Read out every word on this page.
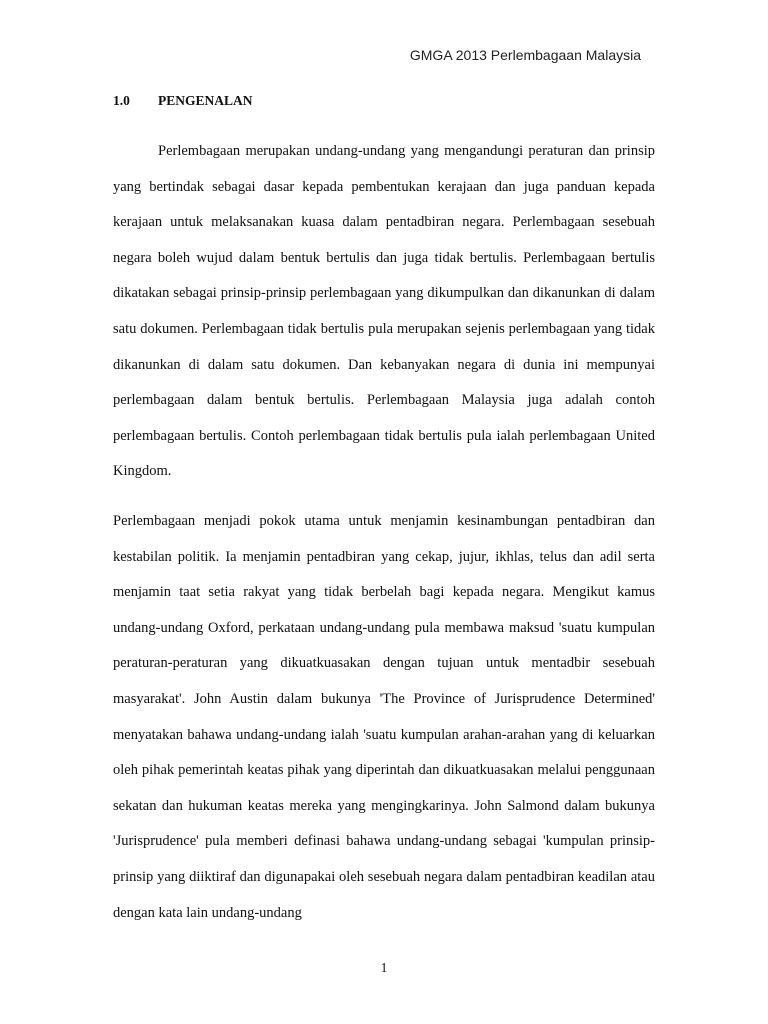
GMGA 2013 Perlembagaan Malaysia
1.0 PENGENALAN

Perlembagaan merupakan undang-undang yang mengandungi peraturan dan prinsip yang bertindak sebagai dasar kepada pembentukan kerajaan dan juga panduan kepada kerajaan untuk melaksanakan kuasa dalam pentadbiran negara. Perlembagaan sesebuah negara boleh wujud dalam bentuk bertulis dan juga tidak bertulis. Perlembagaan bertulis dikatakan sebagai prinsip-prinsip perlembagaan yang dikumpulkan dan dikanunkan di dalam satu dokumen. Perlembagaan tidak bertulis pula merupakan sejenis perlembagaan yang tidak dikanunkan di dalam satu dokumen. Dan kebanyakan negara di dunia ini mempunyai perlembagaan dalam bentuk bertulis. Perlembagaan Malaysia juga adalah contoh perlembagaan bertulis. Contoh perlembagaan tidak bertulis pula ialah perlembagaan United Kingdom.

Perlembagaan menjadi pokok utama untuk menjamin kesinambungan pentadbiran dan kestabilan politik. Ia menjamin pentadbiran yang cekap, jujur, ikhlas, telus dan adil serta menjamin taat setia rakyat yang tidak berbelah bagi kepada negara. Mengikut kamus undang-undang Oxford, perkataan undang-undang pula membawa maksud 'suatu kumpulan peraturan-peraturan yang dikuatkuasakan dengan tujuan untuk mentadbir sesebuah masyarakat'. John Austin dalam bukunya 'The Province of Jurisprudence Determined' menyatakan bahawa undang-undang ialah 'suatu kumpulan arahan-arahan yang di keluarkan oleh pihak pemerintah keatas pihak yang diperintah dan dikuatkuasakan melalui penggunaan sekatan dan hukuman keatas mereka yang mengingkarinya. John Salmond dalam bukunya 'Jurisprudence' pula memberi definasi bahawa undang-undang sebagai 'kumpulan prinsip-prinsip yang diiktiraf dan digunapakai oleh sesebuah negara dalam pentadbiran keadilan atau dengan kata lain undang-undang

1
